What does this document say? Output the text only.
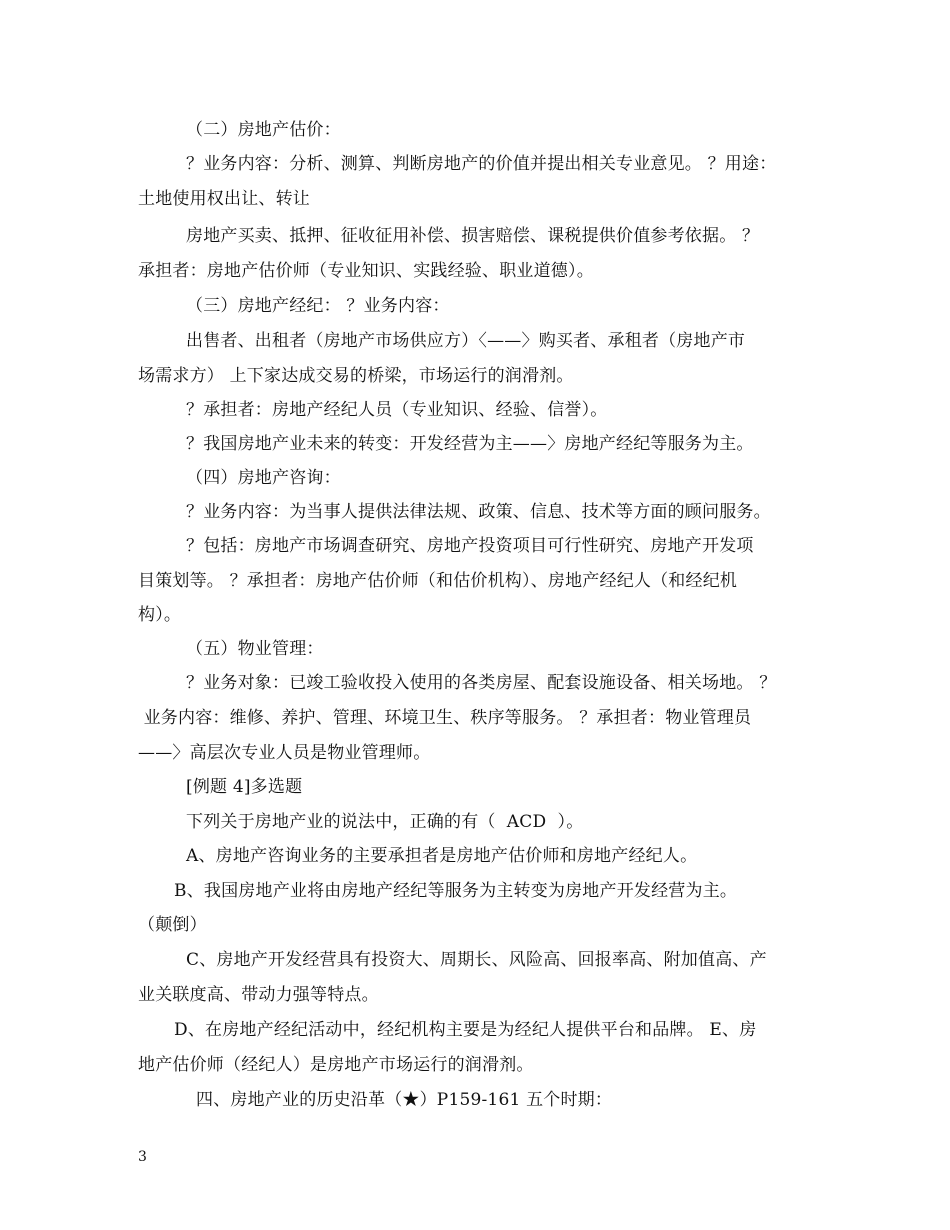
（二）房地产估价：
？业务内容：分析、测算、判断房地产的价值并提出相关专业意见。 ？用途：
土地使用权出让、转让
房地产买卖、抵押、征收征用补偿、损害赔偿、课税提供价值参考依据。 ？
承担者：房地产估价师（专业知识、实践经验、职业道德）。
（三）房地产经纪： ？业务内容：
出售者、出租者（房地产市场供应方）〈——〉购买者、承租者（房地产市
场需求方） 上下家达成交易的桥梁，市场运行的润滑剂。
？承担者：房地产经纪人员（专业知识、经验、信誉）。
？我国房地产业未来的转变：开发经营为主——〉房地产经纪等服务为主。
（四）房地产咨询：
？业务内容：为当事人提供法律法规、政策、信息、技术等方面的顾问服务。
？包括：房地产市场调查研究、房地产投资项目可行性研究、房地产开发项
目策划等。 ？承担者：房地产估价师（和估价机构）、房地产经纪人（和经纪机
构）。
（五）物业管理：
？业务对象：已竣工验收投入使用的各类房屋、配套设施设备、相关场地。 ？
业务内容：维修、养护、管理、环境卫生、秩序等服务。 ？承担者：物业管理员
——〉高层次专业人员是物业管理师。
[例题 4]多选题
下列关于房地产业的说法中，正确的有（  ACD  ）。
A、房地产咨询业务的主要承担者是房地产估价师和房地产经纪人。
B、我国房地产业将由房地产经纪等服务为主转变为房地产开发经营为主。
（颠倒）
C、房地产开发经营具有投资大、周期长、风险高、回报率高、附加值高、产
业关联度高、带动力强等特点。
D、在房地产经纪活动中，经纪机构主要是为经纪人提供平台和品牌。 E、房
地产估价师（经纪人）是房地产市场运行的润滑剂。
四、房地产业的历史沿革（★）P159-161 五个时期：
3
